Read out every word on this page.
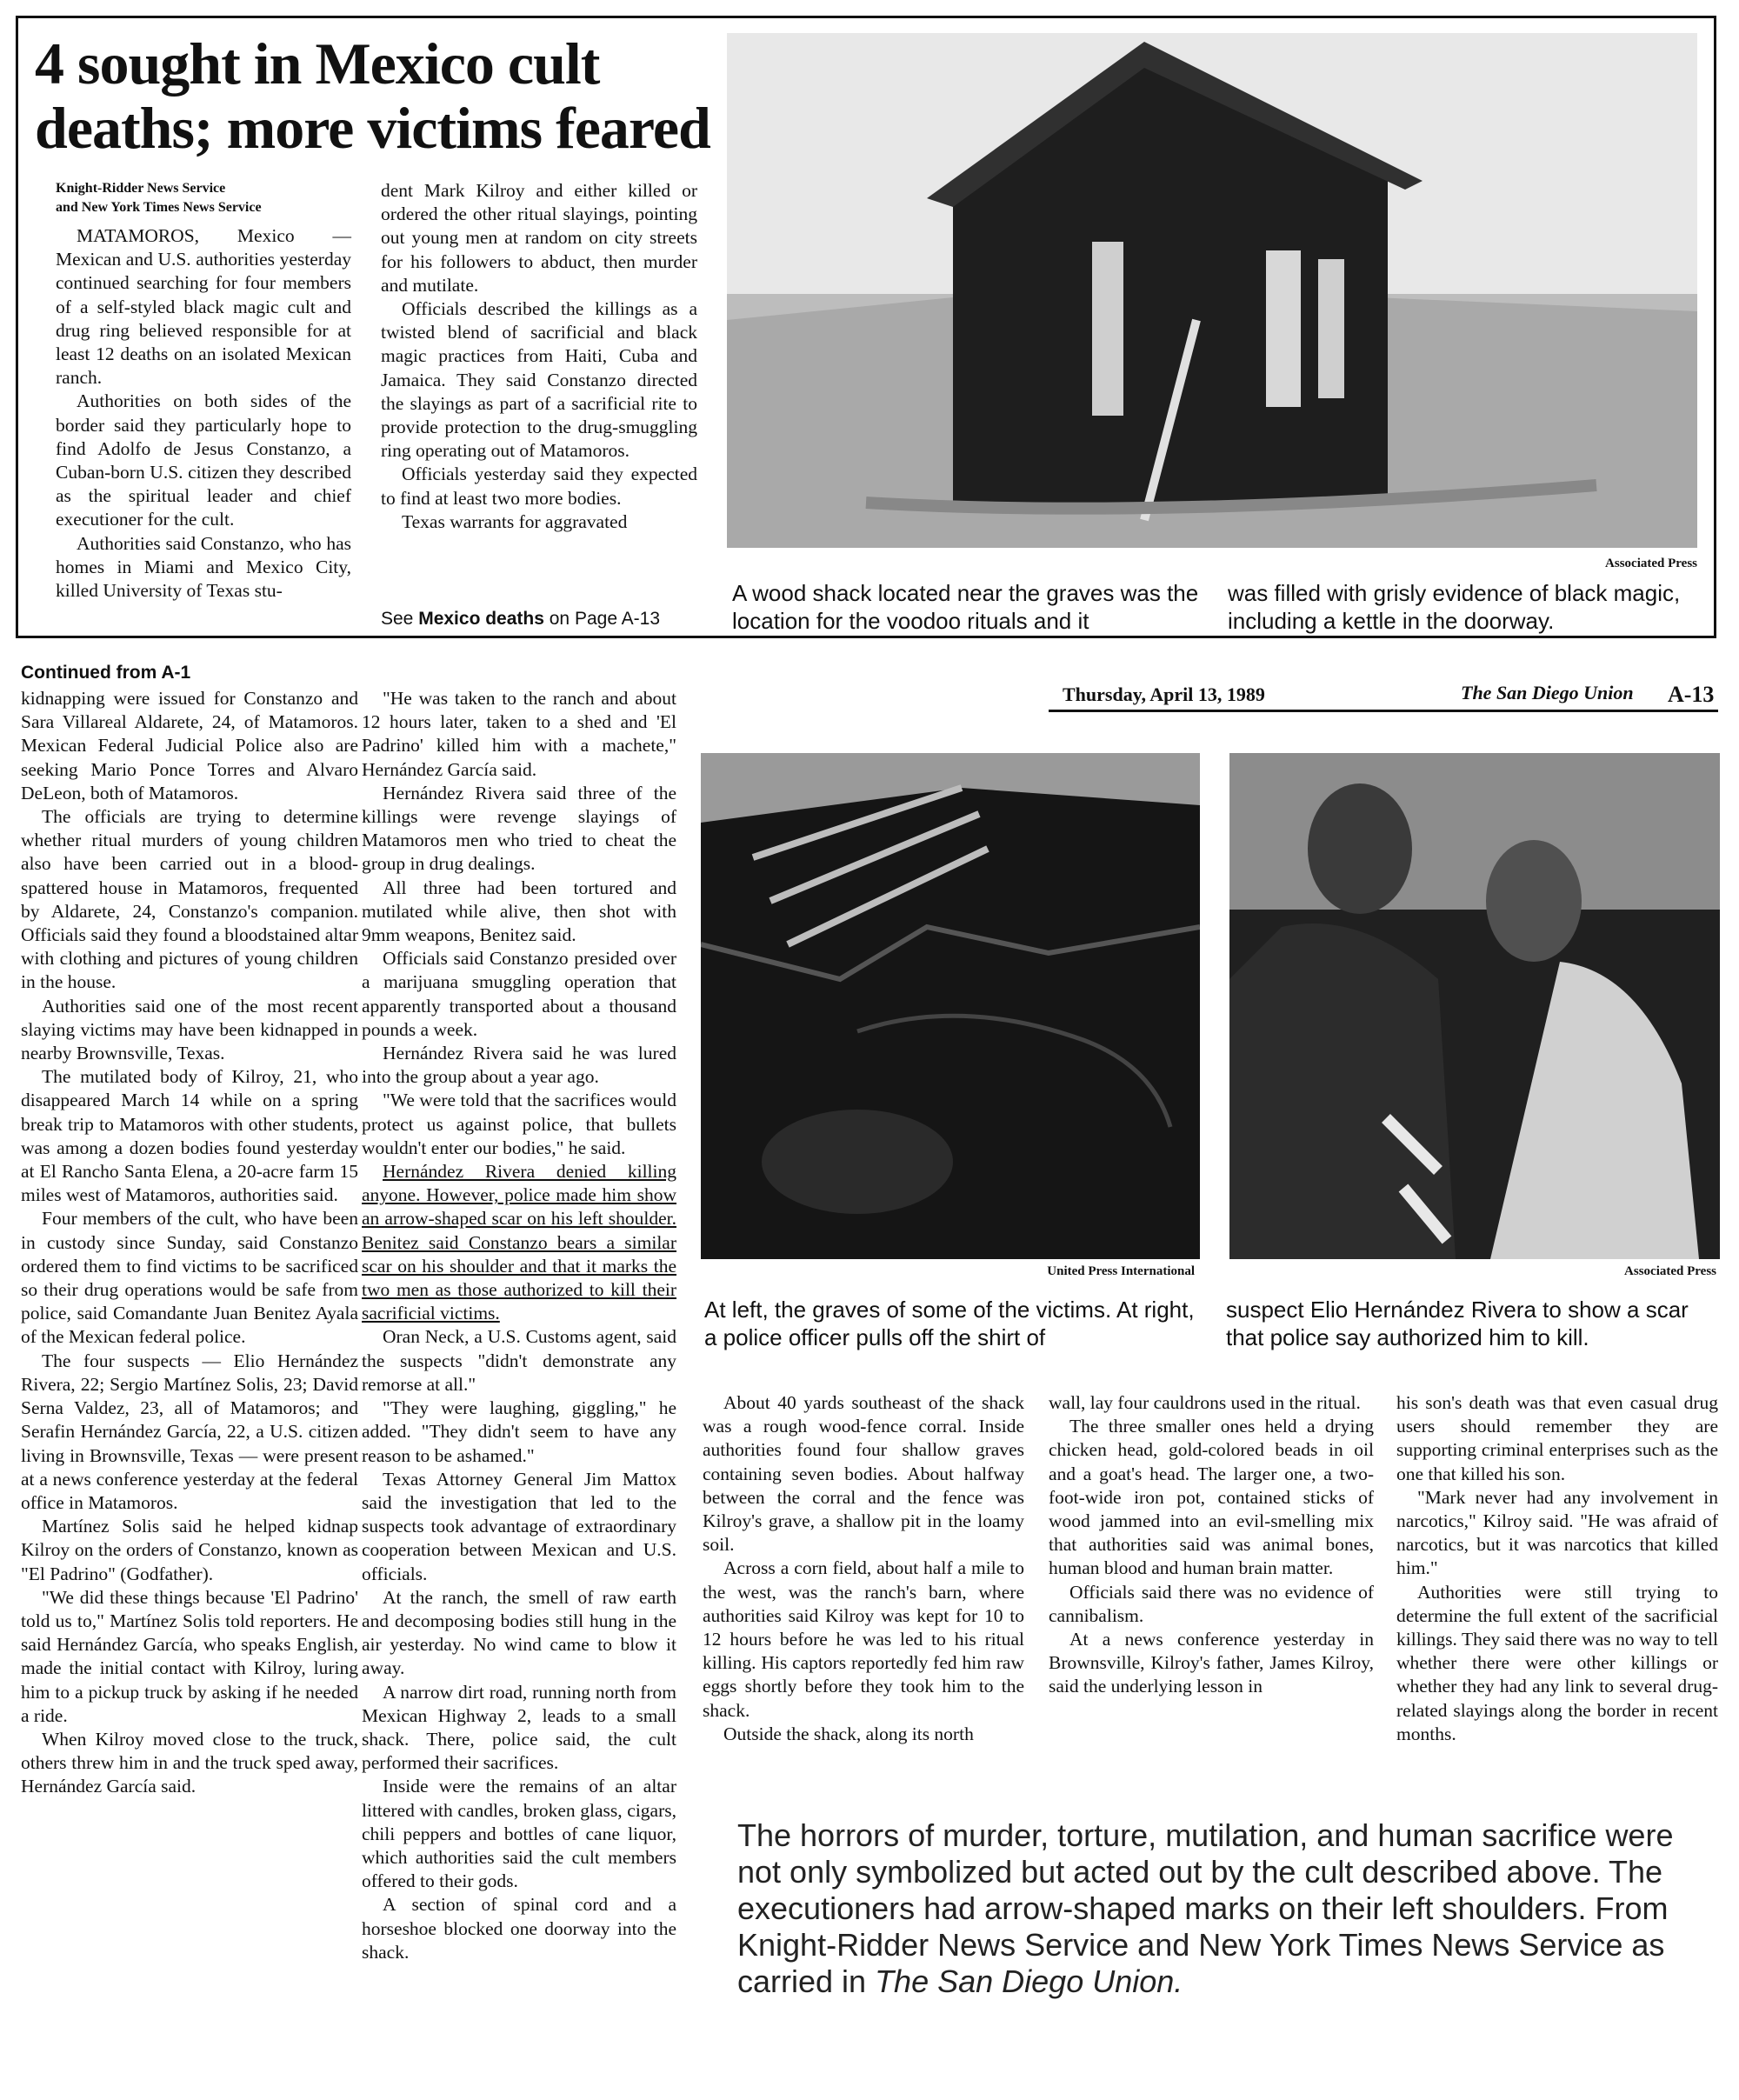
4 sought in Mexico cult
deaths; more victims feared
Knight-Ridder News Service
and New York Times News Service

MATAMOROS, Mexico — Mexican and U.S. authorities yesterday continued searching for four members of a self-styled black magic cult and drug ring believed responsible for at least 12 deaths on an isolated Mexican ranch.

Authorities on both sides of the border said they particularly hope to find Adolfo de Jesus Constanzo, a Cuban-born U.S. citizen they described as the spiritual leader and chief executioner for the cult.

Authorities said Constanzo, who has homes in Miami and Mexico City, killed University of Texas stu-

dent Mark Kilroy and either killed or ordered the other ritual slayings, pointing out young men at random on city streets for his followers to abduct, then murder and mutilate.

Officials described the killings as a twisted blend of sacrificial and black magic practices from Haiti, Cuba and Jamaica. They said Constanzo directed the slayings as part of a sacrificial rite to provide protection to the drug-smuggling ring operating out of Matamoros.

Officials yesterday said they expected to find at least two more bodies.

Texas warrants for aggravated

See Mexico deaths on Page A-13
Associated Press
A wood shack located near the graves was the location for the voodoo rituals and it
was filled with grisly evidence of black magic, including a kettle in the doorway.
Continued from A-1

kidnapping were issued for Constanzo and Sara Villareal Aldarete, 24, of Matamoros. Mexican Federal Judicial Police also are seeking Mario Ponce Torres and Alvaro DeLeon, both of Matamoros.

The officials are trying to determine whether ritual murders of young children also have been carried out in a blood-spattered house in Matamoros, frequented by Aldarete, 24, Constanzo's companion. Officials said they found a bloodstained altar with clothing and pictures of young children in the house.

Authorities said one of the most recent slaying victims may have been kidnapped in nearby Brownsville, Texas.

The mutilated body of Kilroy, 21, who disappeared March 14 while on a spring break trip to Matamoros with other students, was among a dozen bodies found yesterday at El Rancho Santa Elena, a 20-acre farm 15 miles west of Matamoros, authorities said.

Four members of the cult, who have been in custody since Sunday, said Constanzo ordered them to find victims to be sacrificed so their drug operations would be safe from police, said Comandante Juan Benitez Ayala of the Mexican federal police.

The four suspects — Elio Hernández Rivera, 22; Sergio Martínez Solis, 23; David Serna Valdez, 23, all of Matamoros; and Serafin Hernández García, 22, a U.S. citizen living in Brownsville, Texas — were present at a news conference yesterday at the federal office in Matamoros.

Martínez Solis said he helped kidnap Kilroy on the orders of Constanzo, known as "El Padrino" (Godfather).

"We did these things because 'El Padrino' told us to," Martínez Solis told reporters. He said Hernández García, who speaks English, made the initial contact with Kilroy, luring him to a pickup truck by asking if he needed a ride.

When Kilroy moved close to the truck, others threw him in and the truck sped away, Hernández García said.

"He was taken to the ranch and about 12 hours later, taken to a shed and 'El Padrino' killed him with a machete," Hernández García said.

Hernández Rivera said three of the killings were revenge slayings of Matamoros men who tried to cheat the group in drug dealings.

All three had been tortured and mutilated while alive, then shot with 9mm weapons, Benitez said.

Officials said Constanzo presided over a marijuana smuggling operation that apparently transported about a thousand pounds a week.

Hernández Rivera said he was lured into the group about a year ago.

"We were told that the sacrifices would protect us against police, that bullets wouldn't enter our bodies," he said.

Hernández Rivera denied killing anyone. However, police made him show an arrow-shaped scar on his left shoulder. Benitez said Constanzo bears a similar scar on his shoulder and that it marks the two men as those authorized to kill their sacrificial victims.

Oran Neck, a U.S. Customs agent, said the suspects "didn't demonstrate any remorse at all."

"They were laughing, giggling," he added. "They didn't seem to have any reason to be ashamed."

Texas Attorney General Jim Mattox said the investigation that led to the suspects took advantage of extraordinary cooperation between Mexican and U.S. officials.

At the ranch, the smell of raw earth and decomposing bodies still hung in the air yesterday. No wind came to blow it away.

A narrow dirt road, running north from Mexican Highway 2, leads to a small shack. There, police said, the cult performed their sacrifices.

Inside were the remains of an altar littered with candles, broken glass, cigars, chili peppers and bottles of cane liquor, which authorities said the cult members offered to their gods.

A section of spinal cord and a horseshoe blocked one doorway into the shack.

Thursday, April 13, 1989	The San Diego Union A-13
United Press International	Associated Press
At left, the graves of some of the victims. At right, a police officer pulls off the shirt of
suspect Elio Hernández Rivera to show a scar that police say authorized him to kill.

About 40 yards southeast of the shack was a rough wood-fence corral. Inside authorities found four shallow graves containing seven bodies. About halfway between the corral and the fence was Kilroy's grave, a shallow pit in the loamy soil.

Across a corn field, about half a mile to the west, was the ranch's barn, where authorities said Kilroy was kept for 10 to 12 hours before he was led to his ritual killing. His captors reportedly fed him raw eggs shortly before they took him to the shack.

Outside the shack, along its north

wall, lay four cauldrons used in the ritual.

The three smaller ones held a drying chicken head, gold-colored beads in oil and a goat's head. The larger one, a two-foot-wide iron pot, contained sticks of wood jammed into an evil-smelling mix that authorities said was animal bones, human blood and human brain matter.

Officials said there was no evidence of cannibalism.

At a news conference yesterday in Brownsville, Kilroy's father, James Kilroy, said the underlying lesson in

his son's death was that even casual drug users should remember they are supporting criminal enterprises such as the one that killed his son.

"Mark never had any involvement in narcotics," Kilroy said. "He was afraid of narcotics, but it was narcotics that killed him."

Authorities were still trying to determine the full extent of the sacrificial killings. They said there was no way to tell whether there were other killings or whether they had any link to several drug-related slayings along the border in recent months.

The horrors of murder, torture, mutilation, and human sacrifice were not only symbolized but acted out by the cult described above. The executioners had arrow-shaped marks on their left shoulders. From Knight-Ridder News Service and New York Times News Service as carried in The San Diego Union.
